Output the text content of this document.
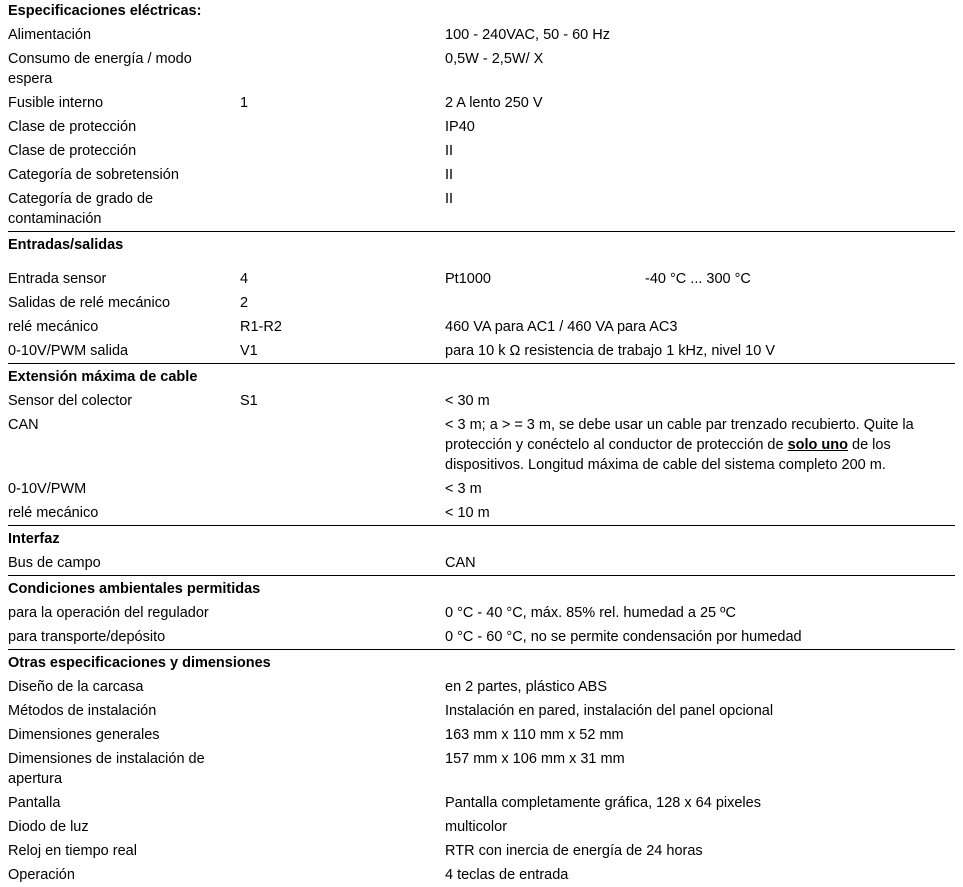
Especificaciones eléctricas:			
Alimentación		100 - 240VAC, 50 - 60 Hz	
Consumo de energía / modo espera		0,5W - 2,5W/ X	
Fusible interno	1	2 A lento 250 V	
Clase de protección		IP40	
Clase de protección		II	
Categoría de sobretensión		II	
Categoría de grado de contaminación		II	
Entradas/salidas			

Entrada sensor	4	Pt1000	-40 °C ... 300 °C
Salidas de relé mecánico	2		
relé mecánico	R1-R2	460 VA para AC1 / 460 VA para AC3	
0-10V/PWM salida	V1	para 10 k Ω resistencia de trabajo 1 kHz, nivel 10 V	
Extensión máxima de cable			
Sensor del colector	S1	< 30 m	
CAN		< 3 m; a > = 3 m, se debe usar un cable par trenzado recubierto. Quite la protección y conéctelo al conductor de protección de solo uno de los dispositivos. Longitud máxima de cable del sistema completo 200 m.	
0-10V/PWM		< 3 m	
relé mecánico		< 10 m	
Interfaz			
Bus de campo		CAN	
Condiciones ambientales permitidas			
para la operación del regulador		0 °C - 40 °C, máx. 85% rel. humedad a 25 ºC	
para transporte/depósito		0 °C - 60 °C, no se permite condensación por humedad	
Otras especificaciones y dimensiones			
Diseño de la carcasa		en 2 partes, plástico ABS	
Métodos de instalación		Instalación en pared, instalación del panel opcional	
Dimensiones generales		163 mm x 110 mm x 52 mm	
Dimensiones de instalación de apertura		157 mm x 106 mm x 31 mm	
Pantalla		Pantalla completamente gráfica, 128 x 64 pixeles	
Diodo de luz		multicolor	
Reloj en tiempo real		RTR con inercia de energía de 24 horas	
Operación		4 teclas de entrada	
